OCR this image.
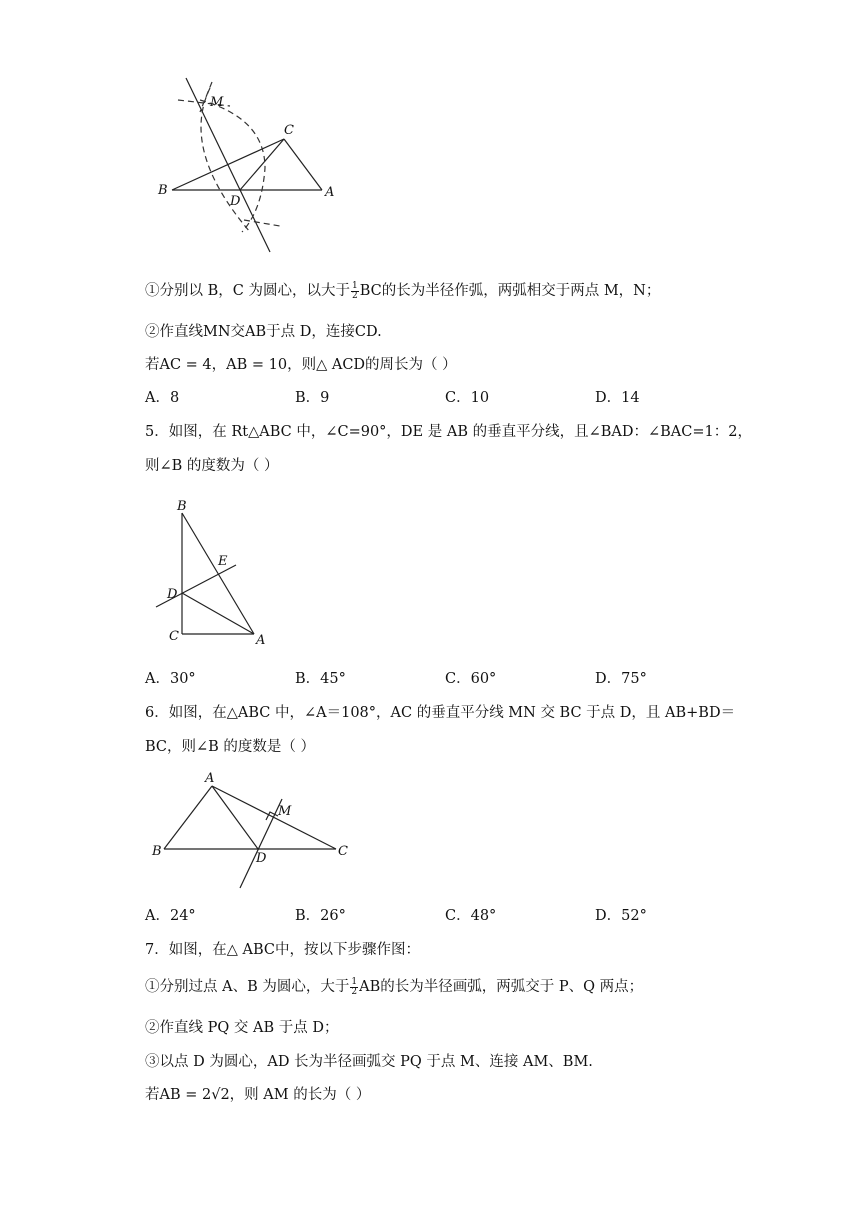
M
C
B
D
A
①分别以 B，C 为圆心，以大于 $\frac{1}{2}$ BC的长为半径作弧，两弧相交于两点 M，N；
②作直线MN交AB于点 D，连接CD.
若AC = 4，AB = 10，则△ ACD的周长为（ ）
A．8	B．9	C．10	D．14
5．如图，在 Rt△ABC 中，∠C=90°，DE 是 AB 的垂直平分线，且∠BAD：∠BAC=1：2，
则∠B 的度数为（ ）
B
E
D
C	A
A．30°	B．45°	C．60°	D．75°
6．如图，在△ABC 中，∠A＝108°，AC 的垂直平分线 MN 交 BC 于点 D，且 AB+BD＝
BC，则∠B 的度数是（ ）
A
M
B	D	C
A．24°	B．26°	C．48°	D．52°
7．如图，在△ ABC中，按以下步骤作图：
①分别过点 A、B 为圆心，大于 $\frac{1}{2}$ AB的长为半径画弧，两弧交于 P、Q 两点；
②作直线 PQ 交 AB 于点 D；
③以点 D 为圆心，AD 长为半径画弧交 PQ 于点 M、连接 AM、BM.
若AB = 2√2，则 AM 的长为（ ）
